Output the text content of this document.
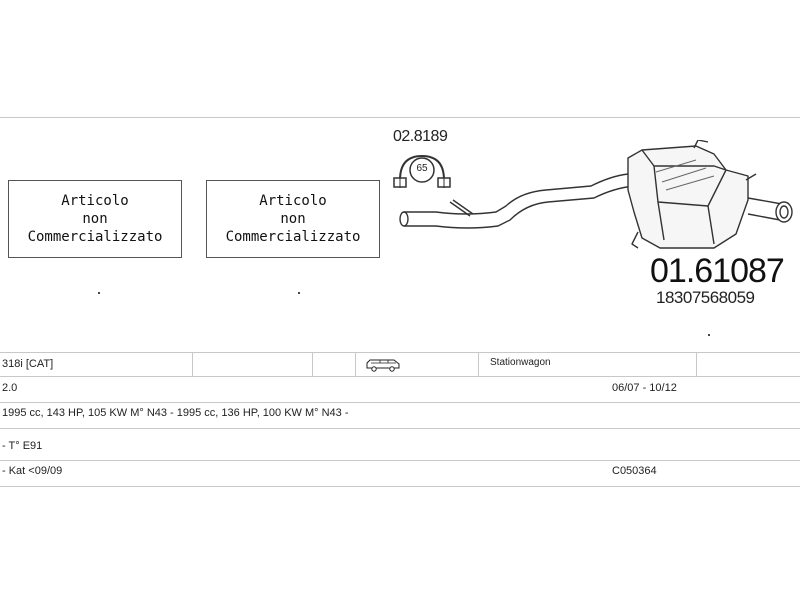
Articolo
non
Commercializzato
Articolo
non
Commercializzato
02.8189
65
01.61087
18307568059
318i [CAT]	Stationwagon
2.0	06/07 - 10/12
1995 cc, 143 HP, 105 KW M° N43 - 1995 cc, 136 HP, 100 KW M° N43 -
- T° E91
- Kat <09/09	C050364
